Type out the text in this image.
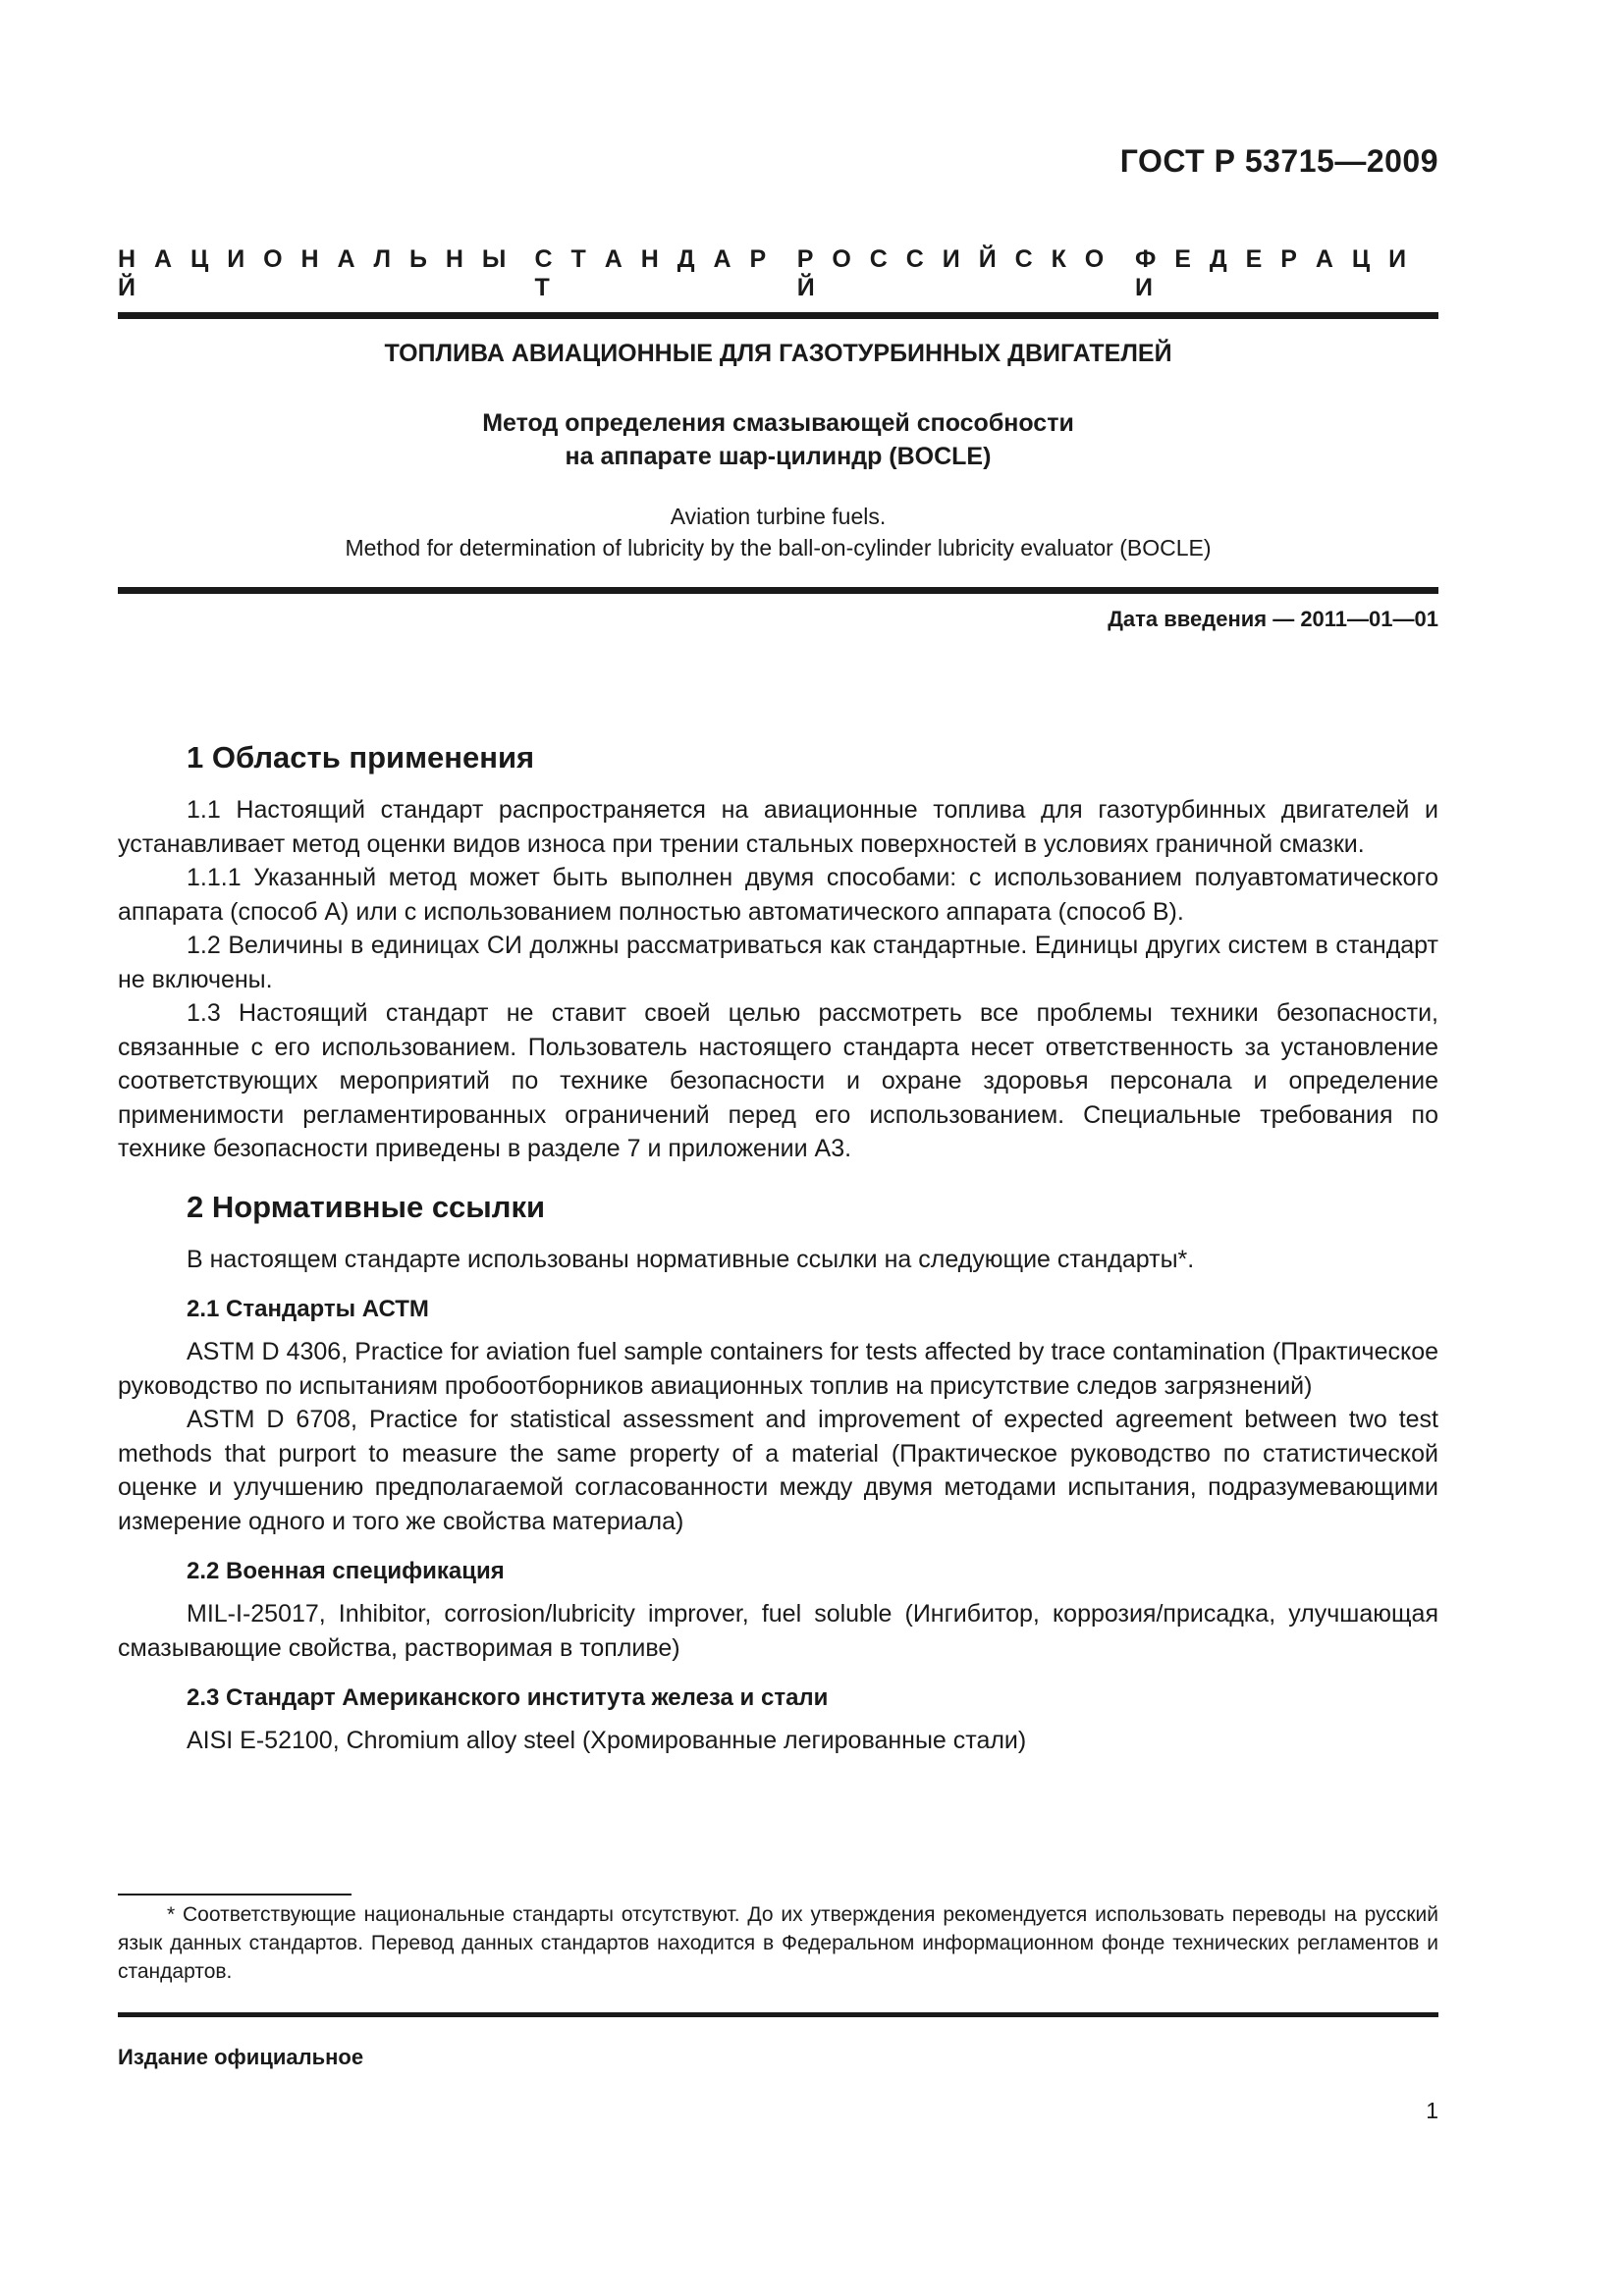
ГОСТ Р 53715—2009
Н А Ц И О Н А Л Ь Н Ы Й
С Т А Н Д А Р Т
Р О С С И Й С К О Й
Ф Е Д Е Р А Ц И И
ТОПЛИВА АВИАЦИОННЫЕ ДЛЯ ГАЗОТУРБИННЫХ ДВИГАТЕЛЕЙ
Метод определения смазывающей способности
на аппарате шар-цилиндр (BOCLE)
Aviation turbine fuels.
Method for determination of lubricity by the ball-on-cylinder lubricity evaluator (BOCLE)
Дата введения — 2011—01—01
1 Область применения

1.1 Настоящий стандарт распространяется на авиационные топлива для газотурбинных двигателей и устанавливает метод оценки видов износа при трении стальных поверхностей в условиях граничной смазки.

1.1.1 Указанный метод может быть выполнен двумя способами: с использованием полуавтоматического аппарата (способ А) или с использованием полностью автоматического аппарата (способ В).

1.2 Величины в единицах СИ должны рассматриваться как стандартные. Единицы других систем в стандарт не включены.

1.3 Настоящий стандарт не ставит своей целью рассмотреть все проблемы техники безопасности, связанные с его использованием. Пользователь настоящего стандарта несет ответственность за установление соответствующих мероприятий по технике безопасности и охране здоровья персонала и определение применимости регламентированных ограничений перед его использованием. Специальные требования по технике безопасности приведены в разделе 7 и приложении А3.

2 Нормативные ссылки

В настоящем стандарте использованы нормативные ссылки на следующие стандарты*.

2.1 Стандарты АСТМ

ASTM D 4306, Practice for aviation fuel sample containers for tests affected by trace contamination (Практическое руководство по испытаниям пробоотборников авиационных топлив на присутствие следов загрязнений)

ASTM D 6708, Practice for statistical assessment and improvement of expected agreement between two test methods that purport to measure the same property of a material (Практическое руководство по статистической оценке и улучшению предполагаемой согласованности между двумя методами испытания, подразумевающими измерение одного и того же свойства материала)

2.2 Военная спецификация

MIL-I-25017, Inhibitor, corrosion/lubricity improver, fuel soluble (Ингибитор, коррозия/присадка, улучшающая смазывающие свойства, растворимая в топливе)

2.3 Стандарт Американского института железа и стали

AISI E-52100, Chromium alloy steel (Хромированные легированные стали)

* Соответствующие национальные стандарты отсутствуют. До их утверждения рекомендуется использовать переводы на русский язык данных стандартов. Перевод данных стандартов находится в Федеральном информационном фонде технических регламентов и стандартов.
Издание официальное
1
